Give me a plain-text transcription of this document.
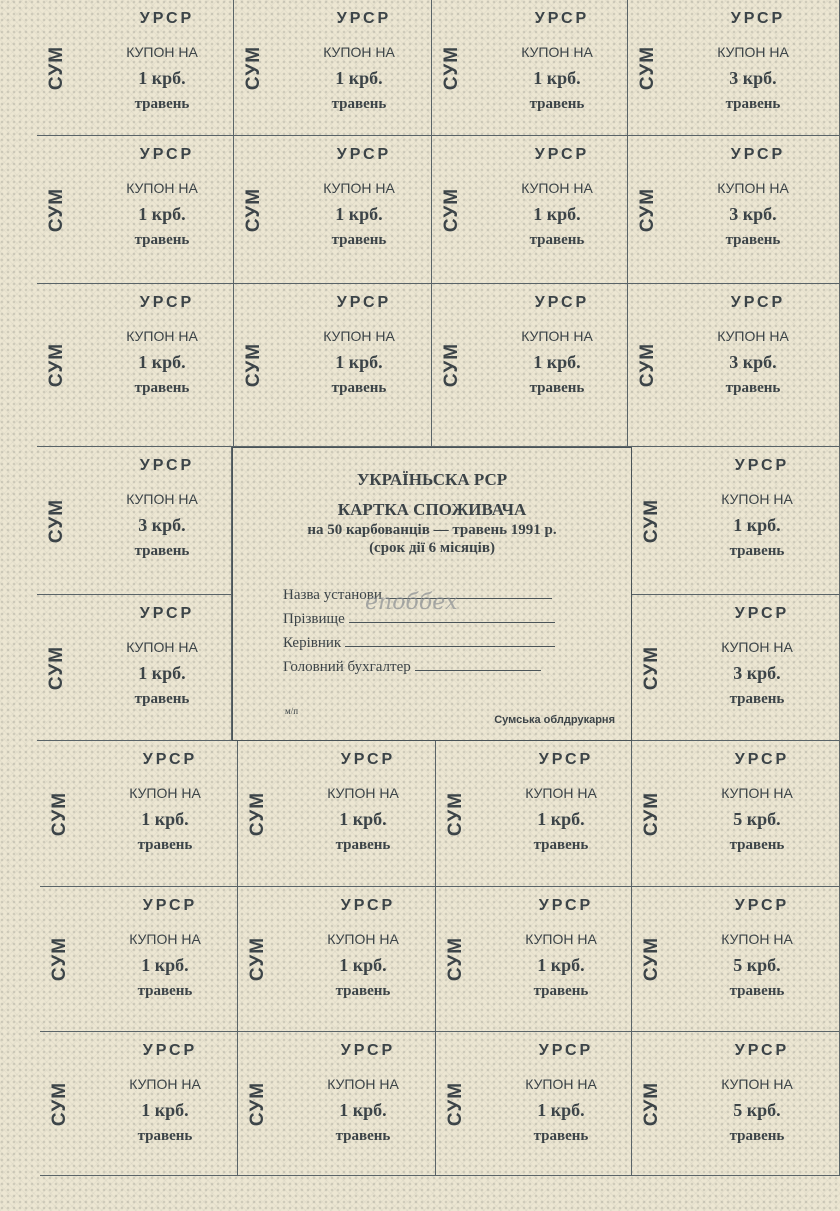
СУМ
УРСР
КУПОН НА
1 крб.
травень
СУМ
УРСР
КУПОН НА
1 крб.
травень
СУМ
УРСР
КУПОН НА
1 крб.
травень
СУМ
УРСР
КУПОН НА
3 крб.
травень
СУМ
УРСР
КУПОН НА
1 крб.
травень
СУМ
УРСР
КУПОН НА
1 крб.
травень
СУМ
УРСР
КУПОН НА
1 крб.
травень
СУМ
УРСР
КУПОН НА
3 крб.
травень
СУМ
УРСР
КУПОН НА
1 крб.
травень
СУМ
УРСР
КУПОН НА
1 крб.
травень
СУМ
УРСР
КУПОН НА
1 крб.
травень
СУМ
УРСР
КУПОН НА
3 крб.
травень
СУМ
УРСР
КУПОН НА
3 крб.
травень
СУМ
УРСР
КУПОН НА
1 крб.
травень
СУМ
УРСР
КУПОН НА
1 крб.
травень
СУМ
УРСР
КУПОН НА
3 крб.
травень
СУМ
УРСР
КУПОН НА
1 крб.
травень
СУМ
УРСР
КУПОН НА
1 крб.
травень
СУМ
УРСР
КУПОН НА
1 крб.
травень
СУМ
УРСР
КУПОН НА
5 крб.
травень
СУМ
УРСР
КУПОН НА
1 крб.
травень
СУМ
УРСР
КУПОН НА
1 крб.
травень
СУМ
УРСР
КУПОН НА
1 крб.
травень
СУМ
УРСР
КУПОН НА
5 крб.
травень
СУМ
УРСР
КУПОН НА
1 крб.
травень
СУМ
УРСР
КУПОН НА
1 крб.
травень
СУМ
УРСР
КУПОН НА
1 крб.
травень
СУМ
УРСР
КУПОН НА
5 крб.
травень
УКРАЇНЬСКА РСР
КАРТКА СПОЖИВАЧА
на 50 карбованців — травень 1991 р.
(срок дії 6 місяців)
Назва установи
Прізвище
Керівник
Головний бухгалтер
епоббех
м/п
Сумська облдрукарня
